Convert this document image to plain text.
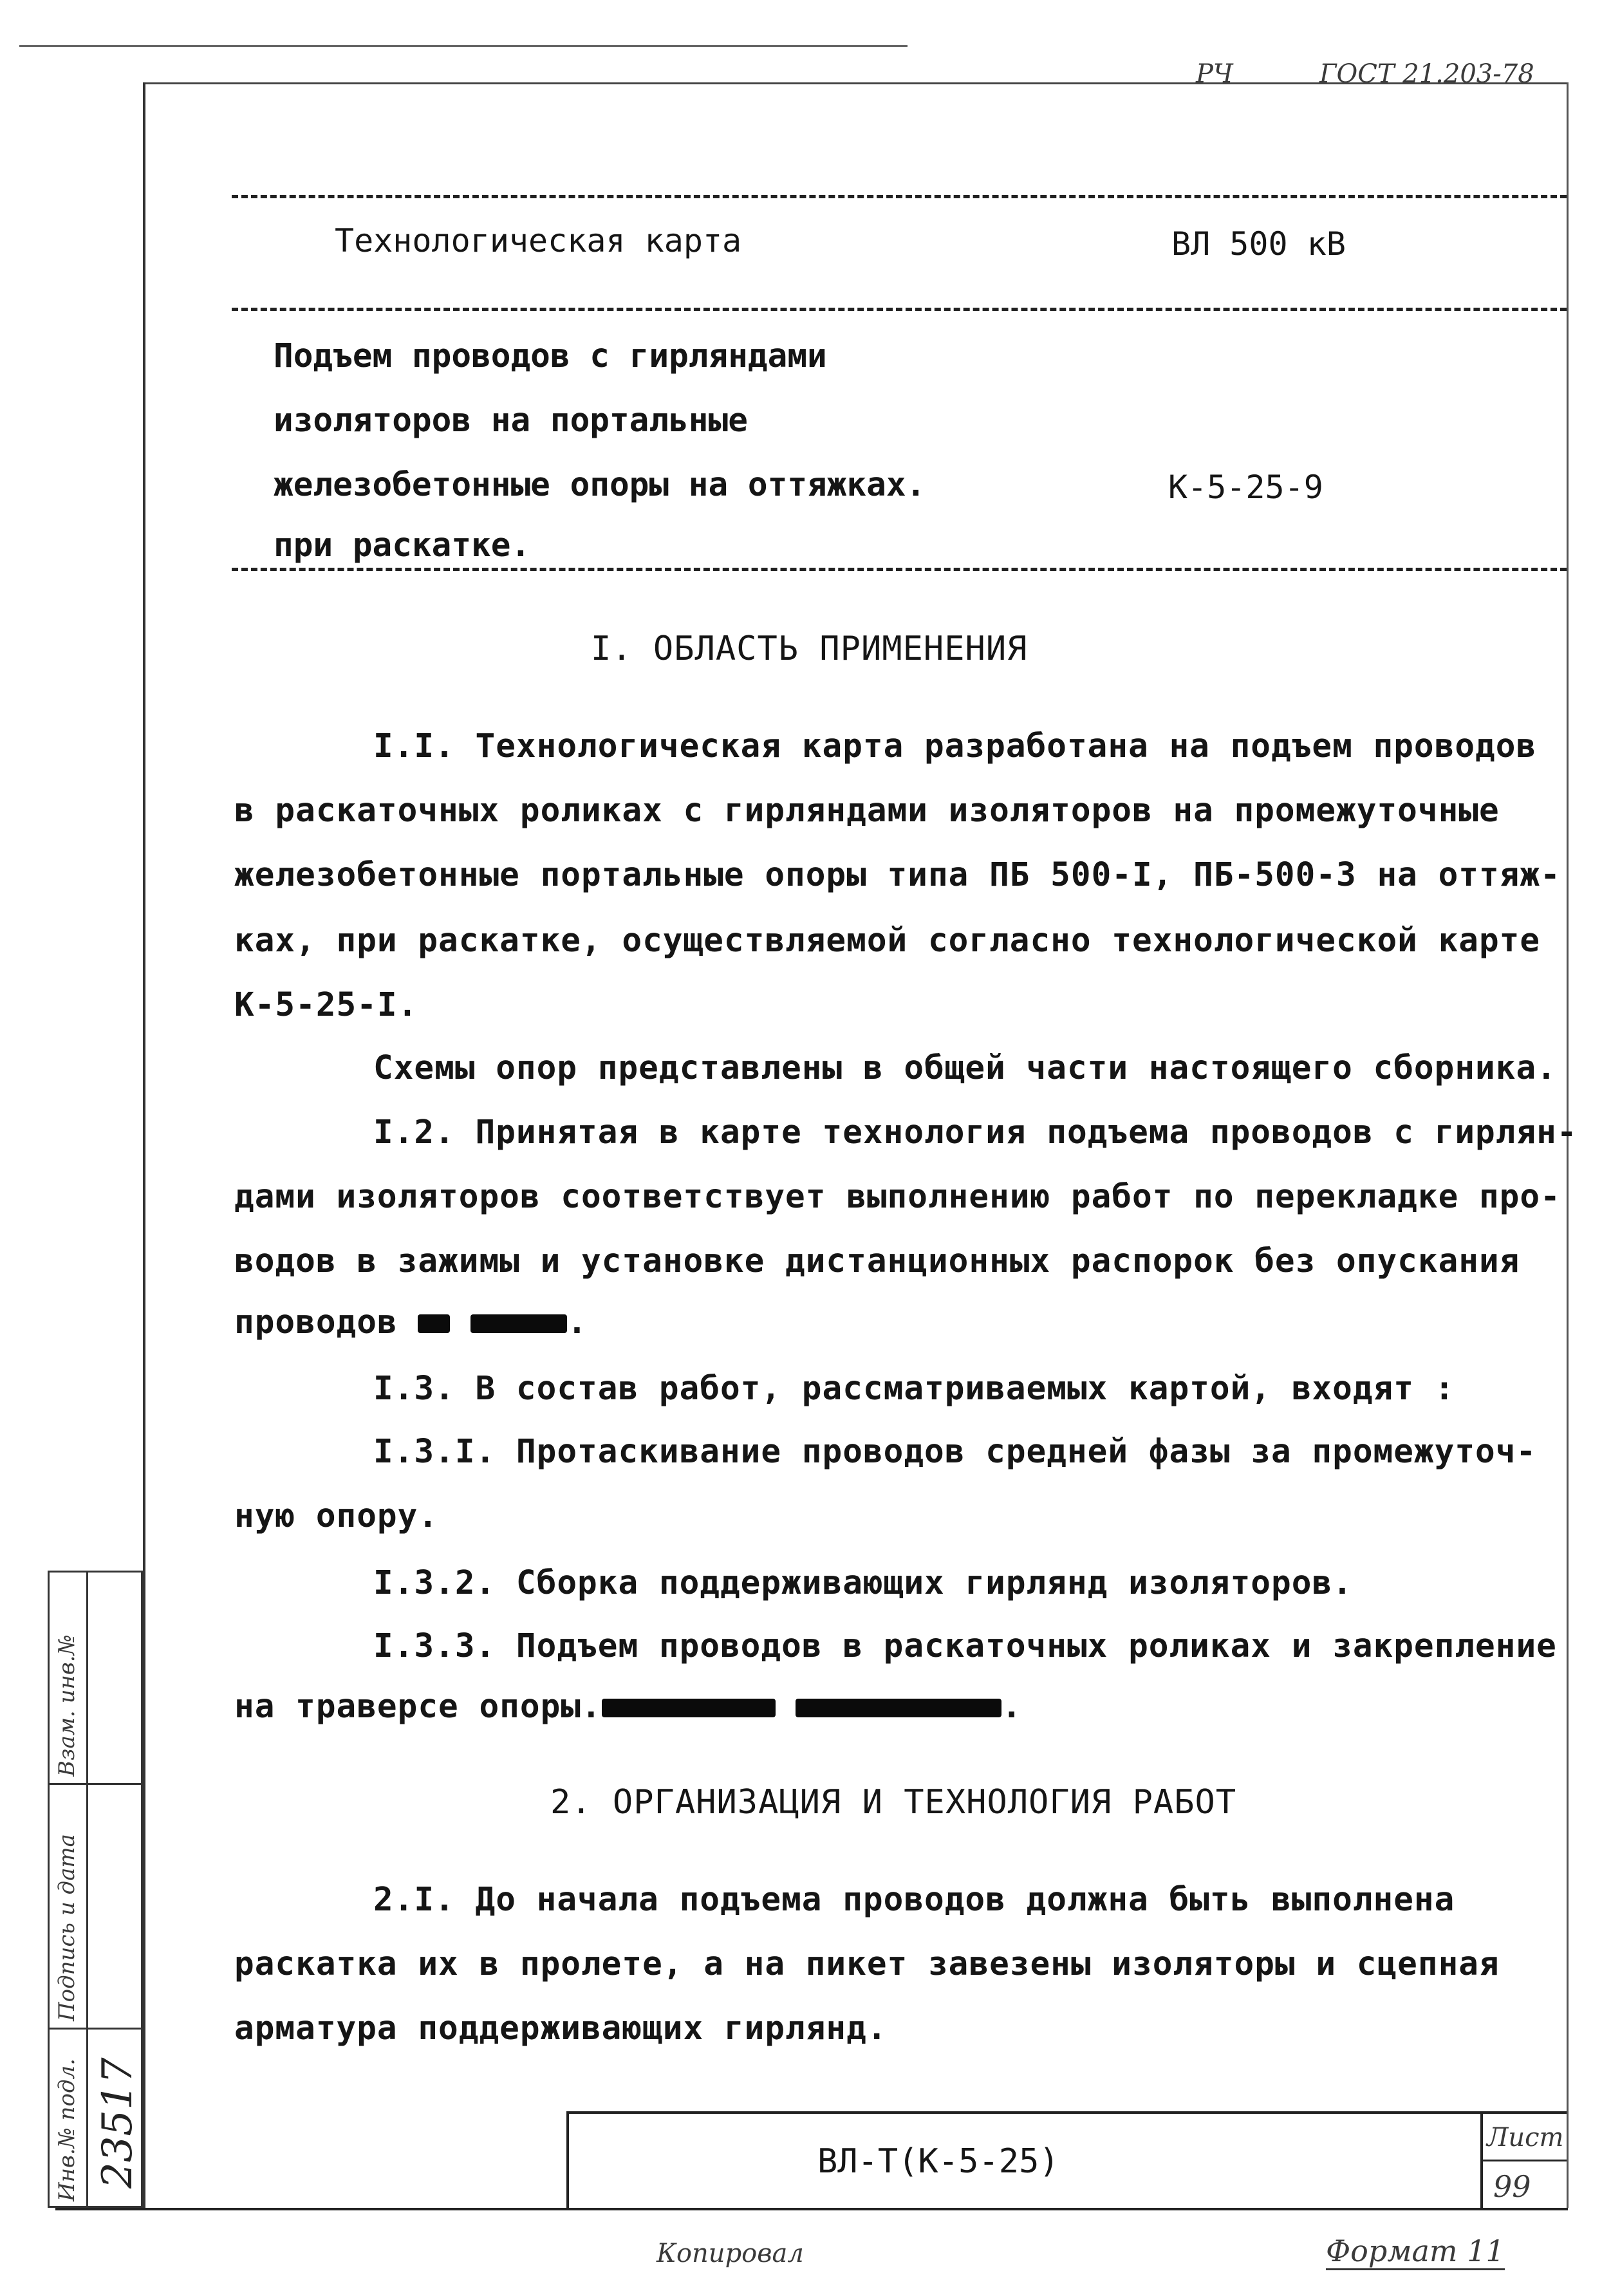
РЧ	ГОСТ 21.203-78
Технологическая карта	ВЛ 500 кВ
Подъем проводов с гирляндами
изоляторов на портальные
железобетонные опоры на оттяжках.	К-5-25-9
при раскатке.
I. ОБЛАСТЬ ПРИМЕНЕНИЯ
I.I. Технологическая карта разработана на подъем проводов
в раскаточных роликах с гирляндами изоляторов на промежуточные
железобетонные портальные опоры типа ПБ 500-I, ПБ-500-3 на оттяж-
ках, при раскатке, осуществляемой согласно технологической карте
К-5-25-I.
Схемы опор представлены в общей части настоящего сборника.
I.2. Принятая в карте технология подъема проводов с гирлян-
дами изоляторов соответствует выполнению работ по перекладке про-
водов в зажимы и установке дистанционных распорок без опускания
проводов	.
I.3. В состав работ, рассматриваемых картой, входят :
I.3.I. Протаскивание проводов средней фазы за промежуточ-
ную опору.
I.3.2. Сборка поддерживающих гирлянд изоляторов.
I.3.3. Подъем проводов в раскаточных роликах и закрепление
на траверсе опоры.	.
2. ОРГАНИЗАЦИЯ И ТЕХНОЛОГИЯ РАБОТ
2.I. До начала подъема проводов должна быть выполнена
раскатка их в пролете, а на пикет завезены изоляторы и сцепная
арматура поддерживающих гирлянд.
ВЛ-Т(К-5-25)
Лист
99
Копировал	Формат 11
Взам. инв.№
Подпись и дата
Инв.№ подл. 23517
